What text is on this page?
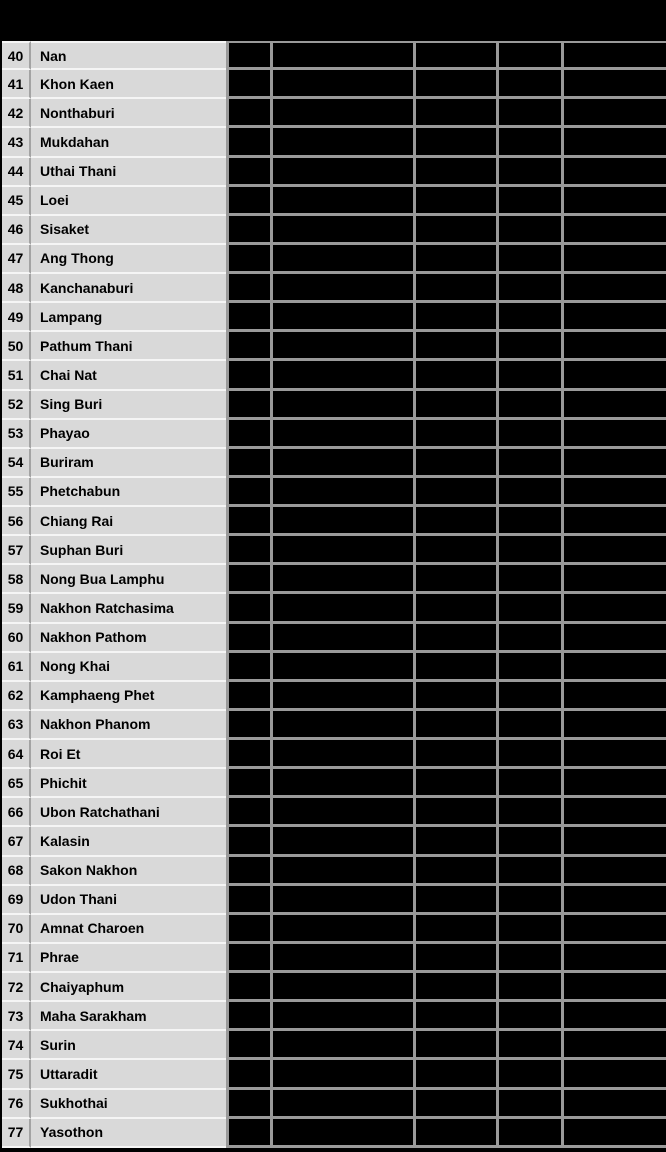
40	Nan
41	Khon Kaen
42	Nonthaburi
43	Mukdahan
44	Uthai Thani
45	Loei
46	Sisaket
47	Ang Thong
48	Kanchanaburi
49	Lampang
50	Pathum Thani
51	Chai Nat
52	Sing Buri
53	Phayao
54	Buriram
55	Phetchabun
56	Chiang Rai
57	Suphan Buri
58	Nong Bua Lamphu
59	Nakhon Ratchasima
60	Nakhon Pathom
61	Nong Khai
62	Kamphaeng Phet
63	Nakhon Phanom
64	Roi Et
65	Phichit
66	Ubon Ratchathani
67	Kalasin
68	Sakon Nakhon
69	Udon Thani
70	Amnat Charoen
71	Phrae
72	Chaiyaphum
73	Maha Sarakham
74	Surin
75	Uttaradit
76	Sukhothai
77	Yasothon
